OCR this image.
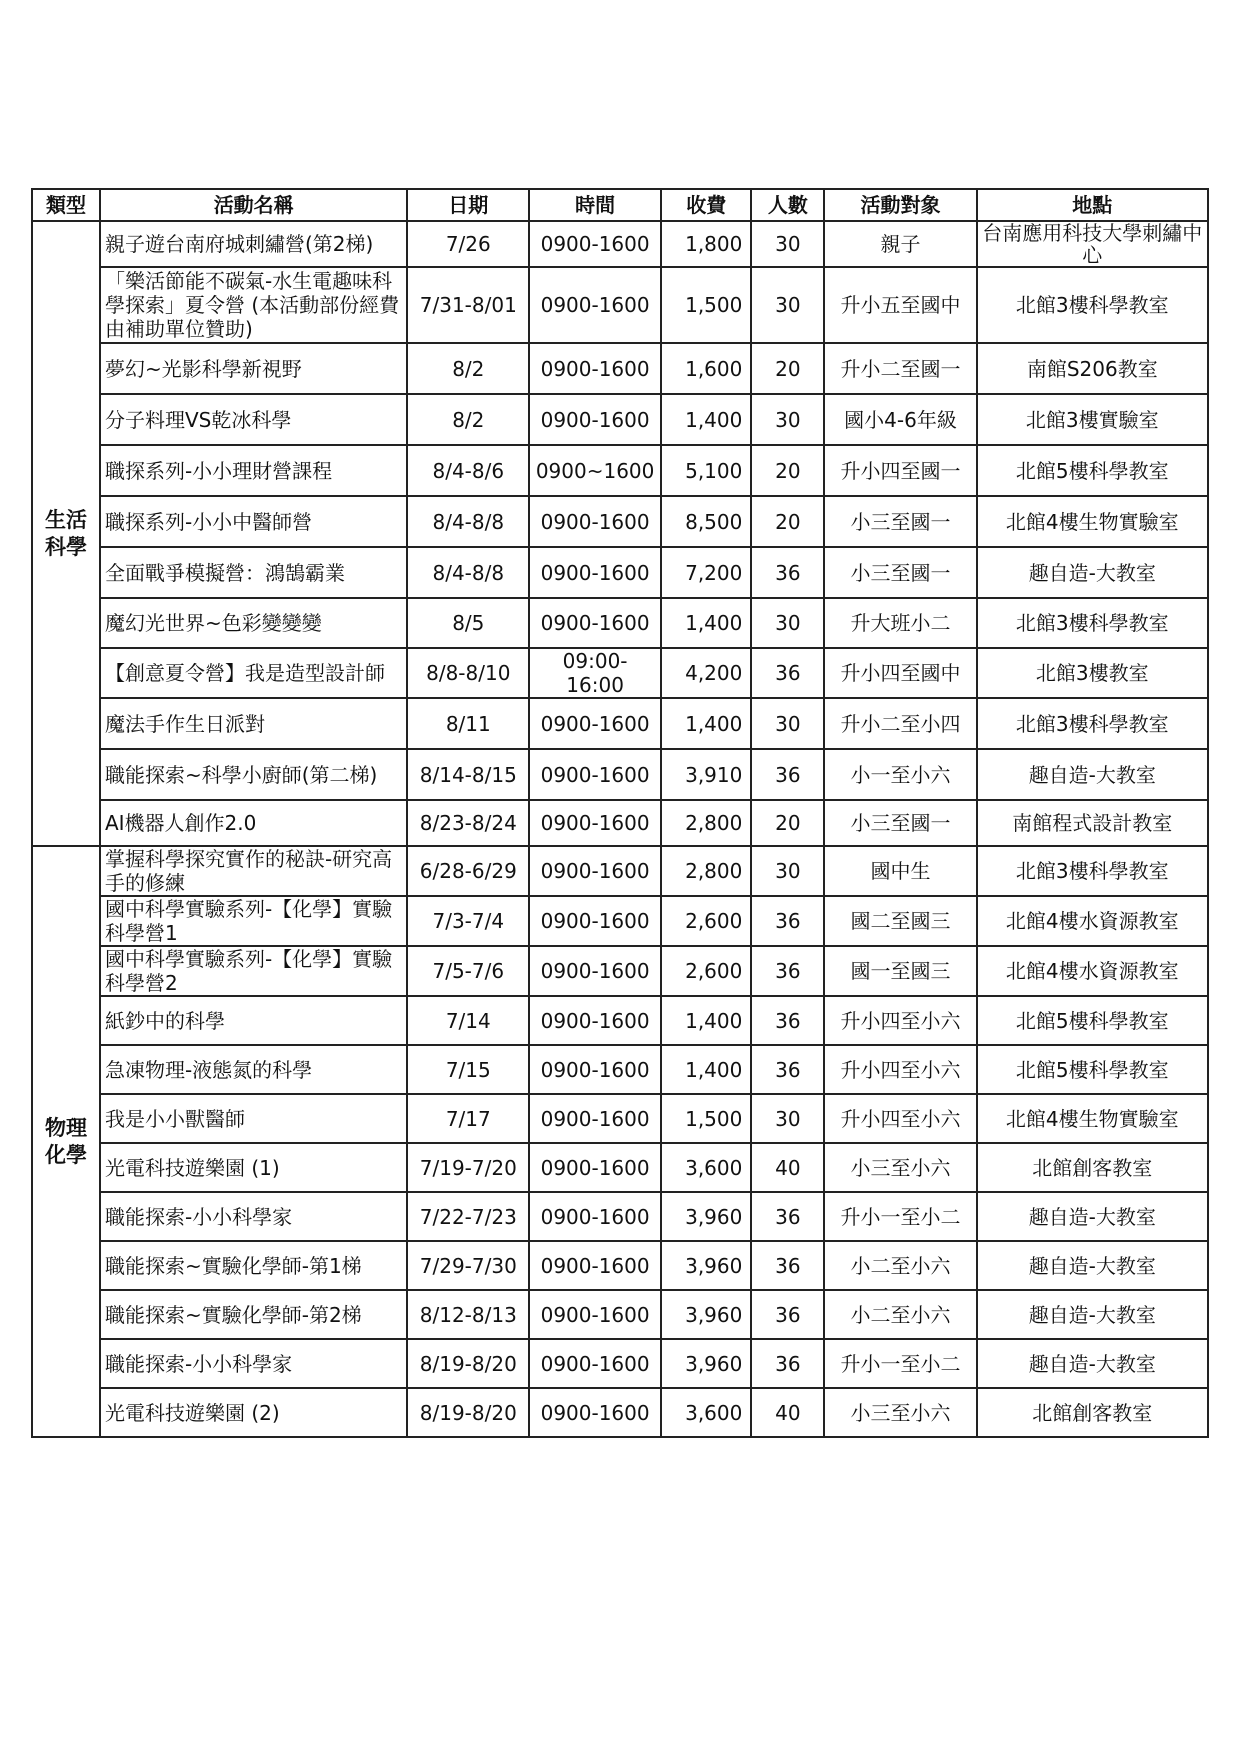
類型	活動名稱	日期	時間	收費	人數	活動對象	地點
生活科學	親子遊台南府城刺繡營(第2梯)	7/26	0900-1600	1,800	30	親子	台南應用科技大學刺繡中心
	「樂活節能不碳氣-水生電趣味科學探索」夏令營 (本活動部份經費由補助單位贊助)	7/31-8/01	0900-1600	1,500	30	升小五至國中	北館3樓科學教室
	夢幻~光影科學新視野	8/2	0900-1600	1,600	20	升小二至國一	南館S206教室
	分子料理VS乾冰科學	8/2	0900-1600	1,400	30	國小4-6年級	北館3樓實驗室
	職探系列-小小理財營課程	8/4-8/6	0900~1600	5,100	20	升小四至國一	北館5樓科學教室
	職探系列-小小中醫師營	8/4-8/8	0900-1600	8,500	20	小三至國一	北館4樓生物實驗室
	全面戰爭模擬營：鴻鵠霸業	8/4-8/8	0900-1600	7,200	36	小三至國一	趣自造-大教室
	魔幻光世界~色彩變變變	8/5	0900-1600	1,400	30	升大班小二	北館3樓科學教室
	【創意夏令營】我是造型設計師	8/8-8/10	09:00-16:00	4,200	36	升小四至國中	北館3樓教室
	魔法手作生日派對	8/11	0900-1600	1,400	30	升小二至小四	北館3樓科學教室
	職能探索~科學小廚師(第二梯)	8/14-8/15	0900-1600	3,910	36	小一至小六	趣自造-大教室
	AI機器人創作2.0	8/23-8/24	0900-1600	2,800	20	小三至國一	南館程式設計教室
物理化學	掌握科學探究實作的秘訣-研究高手的修練	6/28-6/29	0900-1600	2,800	30	國中生	北館3樓科學教室
	國中科學實驗系列-【化學】實驗科學營1	7/3-7/4	0900-1600	2,600	36	國二至國三	北館4樓水資源教室
	國中科學實驗系列-【化學】實驗科學營2	7/5-7/6	0900-1600	2,600	36	國一至國三	北館4樓水資源教室
	紙鈔中的科學	7/14	0900-1600	1,400	36	升小四至小六	北館5樓科學教室
	急凍物理-液態氮的科學	7/15	0900-1600	1,400	36	升小四至小六	北館5樓科學教室
	我是小小獸醫師	7/17	0900-1600	1,500	30	升小四至小六	北館4樓生物實驗室
	光電科技遊樂園 (1)	7/19-7/20	0900-1600	3,600	40	小三至小六	北館創客教室
	職能探索-小小科學家	7/22-7/23	0900-1600	3,960	36	升小一至小二	趣自造-大教室
	職能探索~實驗化學師-第1梯	7/29-7/30	0900-1600	3,960	36	小二至小六	趣自造-大教室
	職能探索~實驗化學師-第2梯	8/12-8/13	0900-1600	3,960	36	小二至小六	趣自造-大教室
	職能探索-小小科學家	8/19-8/20	0900-1600	3,960	36	升小一至小二	趣自造-大教室
	光電科技遊樂園 (2)	8/19-8/20	0900-1600	3,600	40	小三至小六	北館創客教室
